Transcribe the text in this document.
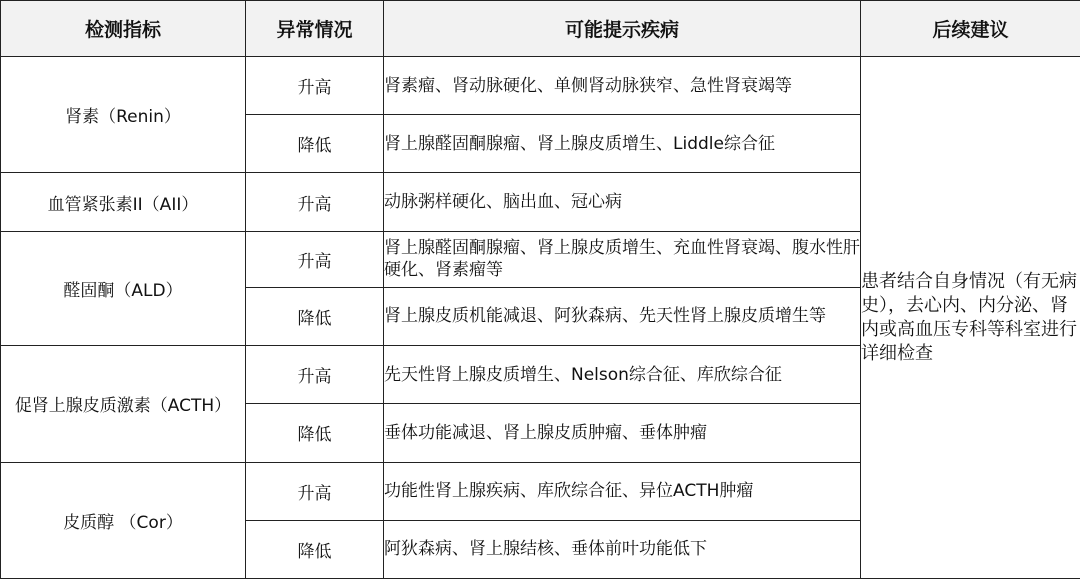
检测指标	异常情况	可能提示疾病	后续建议
肾素（Renin）	升高	肾素瘤、肾动脉硬化、单侧肾动脉狭窄、急性肾衰竭等	患者结合自身情况（有无病史），去心内、内分泌、肾内或高血压专科等科室进行详细检查
	降低	肾上腺醛固酮腺瘤、肾上腺皮质增生、Liddle综合征	
血管紧张素II（AII）	升高	动脉粥样硬化、脑出血、冠心病	
醛固酮（ALD）	升高	肾上腺醛固酮腺瘤、肾上腺皮质增生、充血性肾衰竭、腹水性肝硬化、肾素瘤等	
	降低	肾上腺皮质机能减退、阿狄森病、先天性肾上腺皮质增生等	
促肾上腺皮质激素（ACTH）	升高	先天性肾上腺皮质增生、Nelson综合征、库欣综合征	
	降低	垂体功能减退、肾上腺皮质肿瘤、垂体肿瘤	
皮质醇 （Cor）	升高	功能性肾上腺疾病、库欣综合征、异位ACTH肿瘤	
	降低	阿狄森病、肾上腺结核、垂体前叶功能低下	
